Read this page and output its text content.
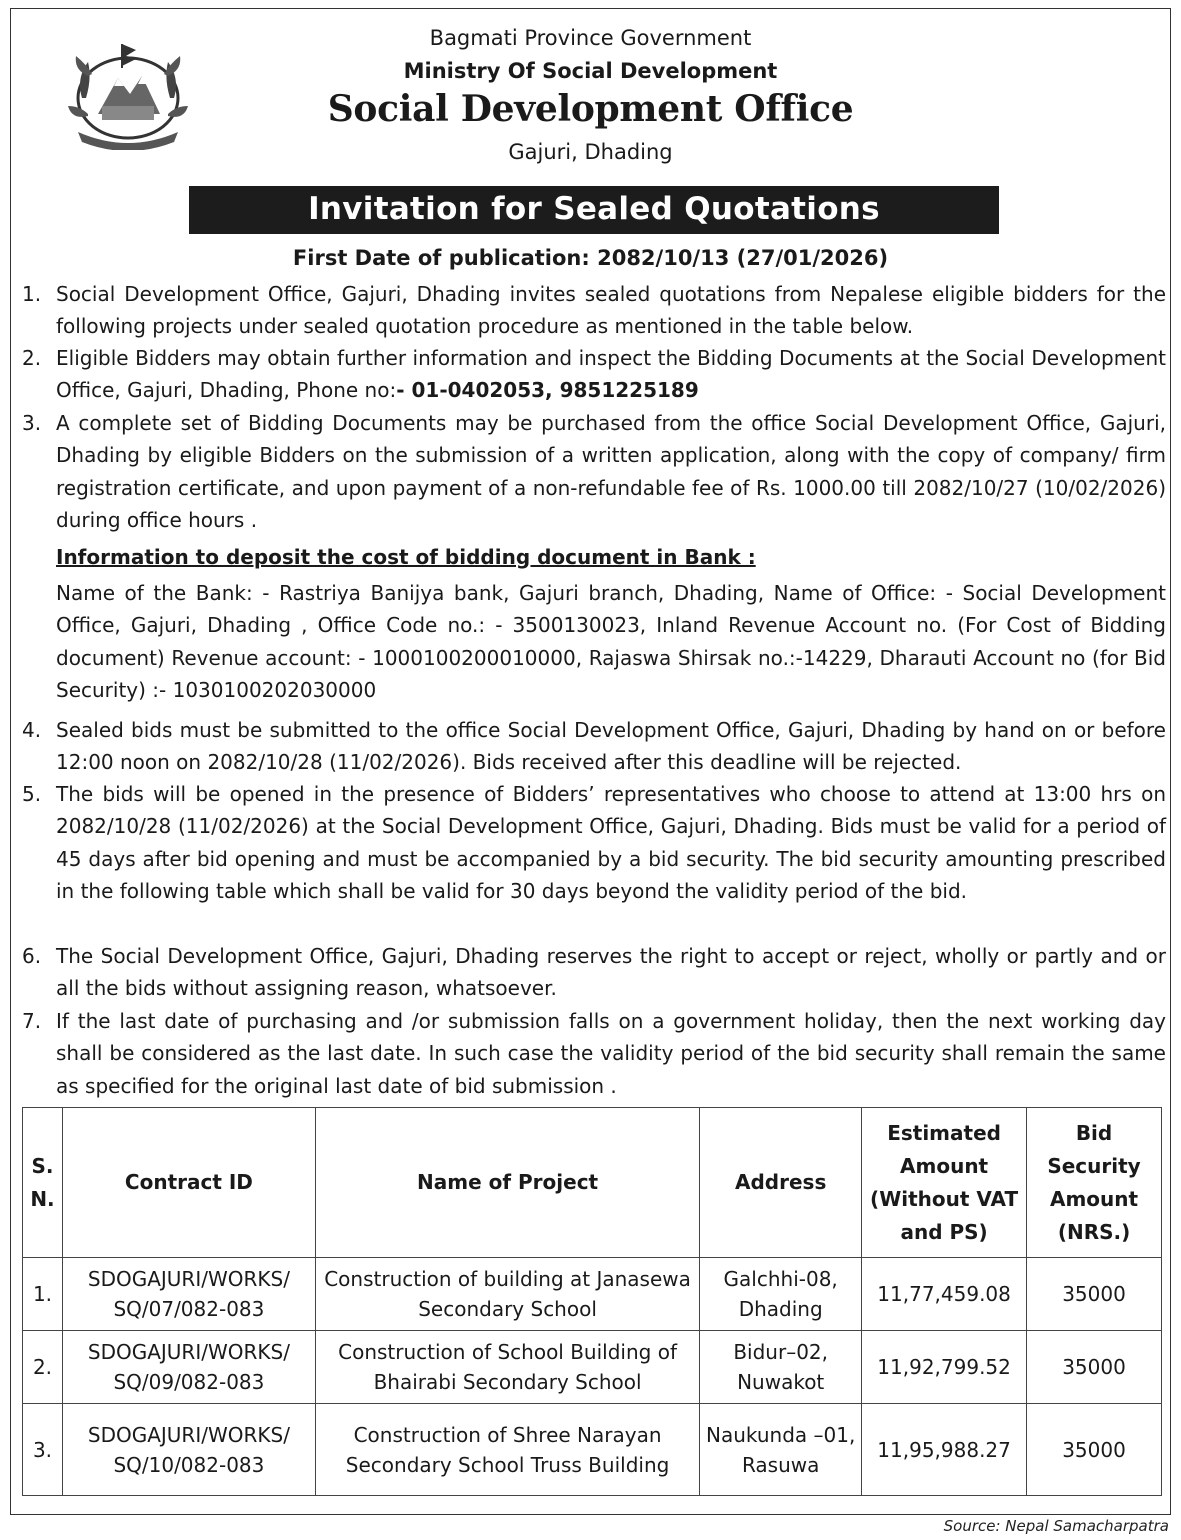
Bagmati Province Government
Ministry Of Social Development
Social Development Office
Gajuri, Dhading
Invitation for Sealed Quotations
First Date of publication: 2082/10/13 (27/01/2026)
1. Social Development Office, Gajuri, Dhading invites sealed quotations from Nepalese eligible bidders for the following projects under sealed quotation procedure as mentioned in the table below.
2. Eligible Bidders may obtain further information and inspect the Bidding Documents at the Social Development Office, Gajuri, Dhading, Phone no:- 01-0402053, 9851225189
3. A complete set of Bidding Documents may be purchased from the office Social Development Office, Gajuri, Dhading by eligible Bidders on the submission of a written application, along with the copy of company/ firm registration certificate, and upon payment of a non-refundable fee of Rs. 1000.00 till 2082/10/27 (10/02/2026) during office hours .
Information to deposit the cost of bidding document in Bank :
Name of the Bank: - Rastriya Banijya bank, Gajuri branch, Dhading, Name of Office: - Social Development Office, Gajuri, Dhading , Office Code no.: - 3500130023, Inland Revenue Account no. (For Cost of Bidding document) Revenue account: - 1000100200010000, Rajaswa Shirsak no.:-14229, Dharauti Account no (for Bid Security) :- 1030100202030000
4. Sealed bids must be submitted to the office Social Development Office, Gajuri, Dhading by hand on or before 12:00 noon on 2082/10/28 (11/02/2026). Bids received after this deadline will be rejected.
5. The bids will be opened in the presence of Bidders’ representatives who choose to attend at 13:00 hrs on 2082/10/28 (11/02/2026) at the Social Development Office, Gajuri, Dhading. Bids must be valid for a period of 45 days after bid opening and must be accompanied by a bid security. The bid security amounting prescribed in the following table which shall be valid for 30 days beyond the validity period of the bid.
6. The Social Development Office, Gajuri, Dhading reserves the right to accept or reject, wholly or partly and or all the bids without assigning reason, whatsoever.
7. If the last date of purchasing and /or submission falls on a government holiday, then the next working day shall be considered as the last date. In such case the validity period of the bid security shall remain the same as specified for the original last date of bid submission .
S. N.	Contract ID	Name of Project	Address	Estimated Amount (Without VAT and PS)	Bid Security Amount (NRS.)
1.	SDOGAJURI/WORKS/ SQ/07/082-083	Construction of building at Janasewa Secondary School	Galchhi-08, Dhading	11,77,459.08	35000
2.	SDOGAJURI/WORKS/ SQ/09/082-083	Construction of School Building of Bhairabi Secondary School	Bidur–02, Nuwakot	11,92,799.52	35000
3.	SDOGAJURI/WORKS/ SQ/10/082-083	Construction of Shree Narayan Secondary School Truss Building	Naukunda –01, Rasuwa	11,95,988.27	35000
Source: Nepal Samacharpatra
